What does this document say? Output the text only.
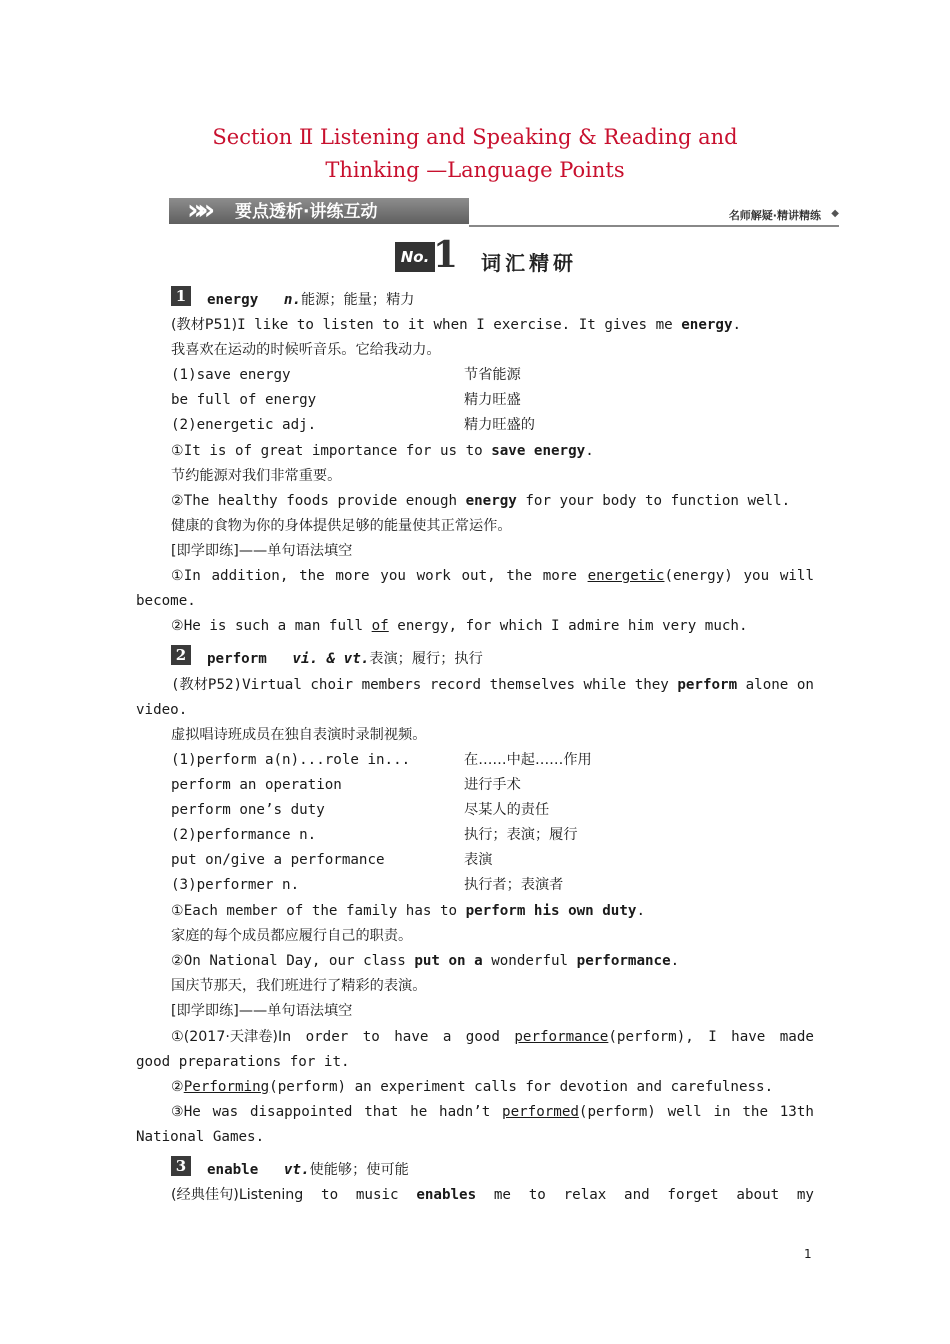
Section Ⅱ Listening and Speaking & Reading and
Thinking —Language Points
»» 要点透析·讲练互动	名师解疑·精讲精练 ◆
No. 1 词汇精研
1	energy n.能源；能量；精力
(教材P51)I like to listen to it when I exercise. It gives me energy.
我喜欢在运动的时候听音乐。它给我动力。
(1)save energy	节省能源
be full of energy	精力旺盛
(2)energetic adj.	精力旺盛的
①It is of great importance for us to save energy.
节约能源对我们非常重要。
②The healthy foods provide enough energy for your body to function well.
健康的食物为你的身体提供足够的能量使其正常运作。
[即学即练]——单句语法填空
①In addition, the more you work out, the more energetic(energy) you will
become.
②He is such a man full of energy, for which I admire him very much.
2	perform vi. & vt.表演；履行；执行
(教材P52)Virtual choir members record themselves while they perform alone on
video.
虚拟唱诗班成员在独自表演时录制视频。
(1)perform a(n)...role in...	在……中起……作用
perform an operation	进行手术
perform one’s duty	尽某人的责任
(2)performance n.	执行；表演；履行
put on/give a performance	表演
(3)performer n.	执行者；表演者
①Each member of the family has to perform his own duty.
家庭的每个成员都应履行自己的职责。
②On National Day, our class put on a wonderful performance.
国庆节那天，我们班进行了精彩的表演。
[即学即练]——单句语法填空
①(2017·天津卷)In order to have a good performance(perform), I have made
good preparations for it.
②Performing(perform) an experiment calls for devotion and carefulness.
③He was disappointed that he hadn’t performed(perform) well in the 13th
National Games.
3	enable vt.使能够；使可能
(经典佳句)Listening to music enables me to relax and forget about my
1
